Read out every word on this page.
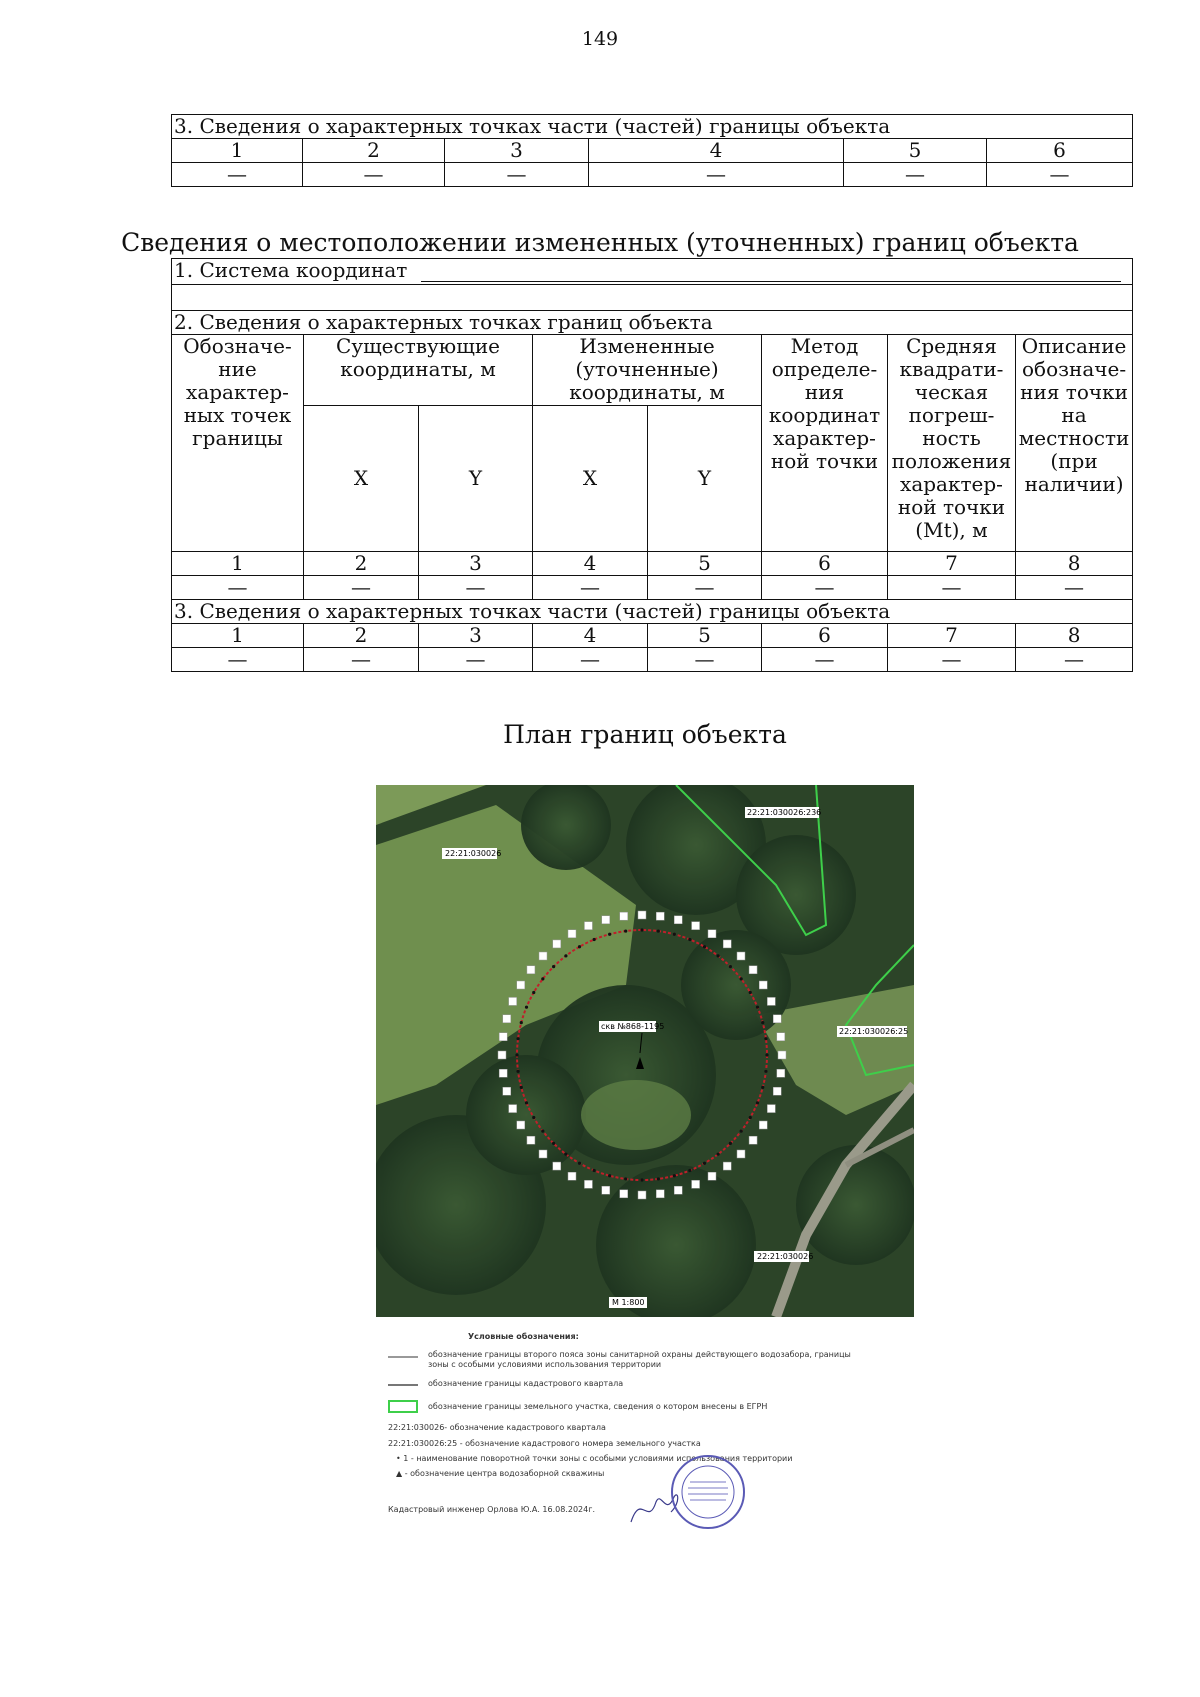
149
3. Сведения о характерных точках части (частей) границы объекта					
1	2	3	4	5	6
—	—	—	—	—	—
Сведения о местоположении измененных (уточненных) границ объекта
1. Система координат							

2. Сведения о характерных точках границ объекта							
Обозначе-ние характер-ных точек границы	Существующие координаты, м		Измененные (уточненные) координаты, м		Метод определе-ния координат характер-ной точки	Средняя квадрати-ческая погреш-ность положения характер-ной точки (Mt), м	Описание обозначе-ния точки на местности (при наличии)
	X	Y	X	Y			
1	2	3	4	5	6	7	8
—	—	—	—	—	—	—	—
3. Сведения о характерных точках части (частей) границы объекта							
1	2	3	4	5	6	7	8
—	—	—	—	—	—	—	—
План границ объекта
22:21:030026
22:21:030026:236
22:21:030026:25
22:21:030026
скв №868-1195
М 1:800
Условные обозначения:
обозначение границы второго пояса зоны санитарной охраны действующего водозабора, границы зоны с особыми условиями использования территории
обозначение границы кадастрового квартала
обозначение границы земельного участка, сведения о котором внесены в ЕГРН
22:21:030026- обозначение кадастрового квартала
22:21:030026:25 - обозначение кадастрового номера земельного участка
• 1 - наименование поворотной точки зоны с особыми условиями использования территории
▲ - обозначение центра водозаборной скважины
Кадастровый инженер Орлова Ю.А. 16.08.2024г.
